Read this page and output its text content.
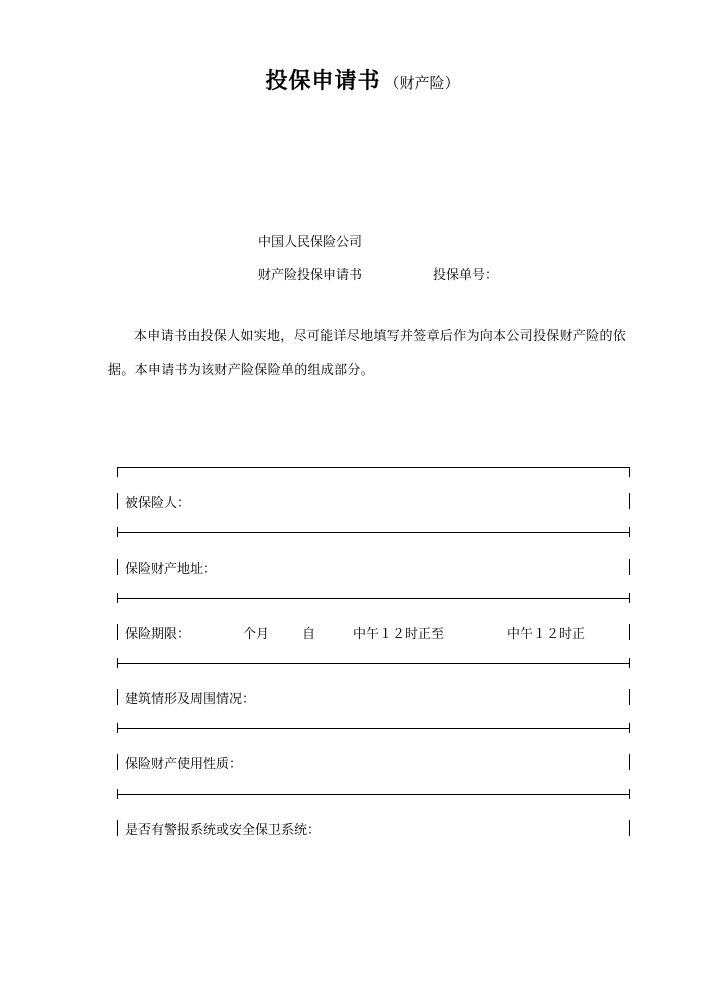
投保申请书 （财产险）
中国人民保险公司
财产险投保申请书	投保单号：
本申请书由投保人如实地，尽可能详尽地填写并签章后作为向本公司投保财产险的依据。本申请书为该财产险保险单的组成部分。
被保险人：
保险财产地址：
保险期限：	个月	自	中午１２时正至	中午１２时正
建筑情形及周围情况：
保险财产使用性质：
是否有警报系统或安全保卫系统：
